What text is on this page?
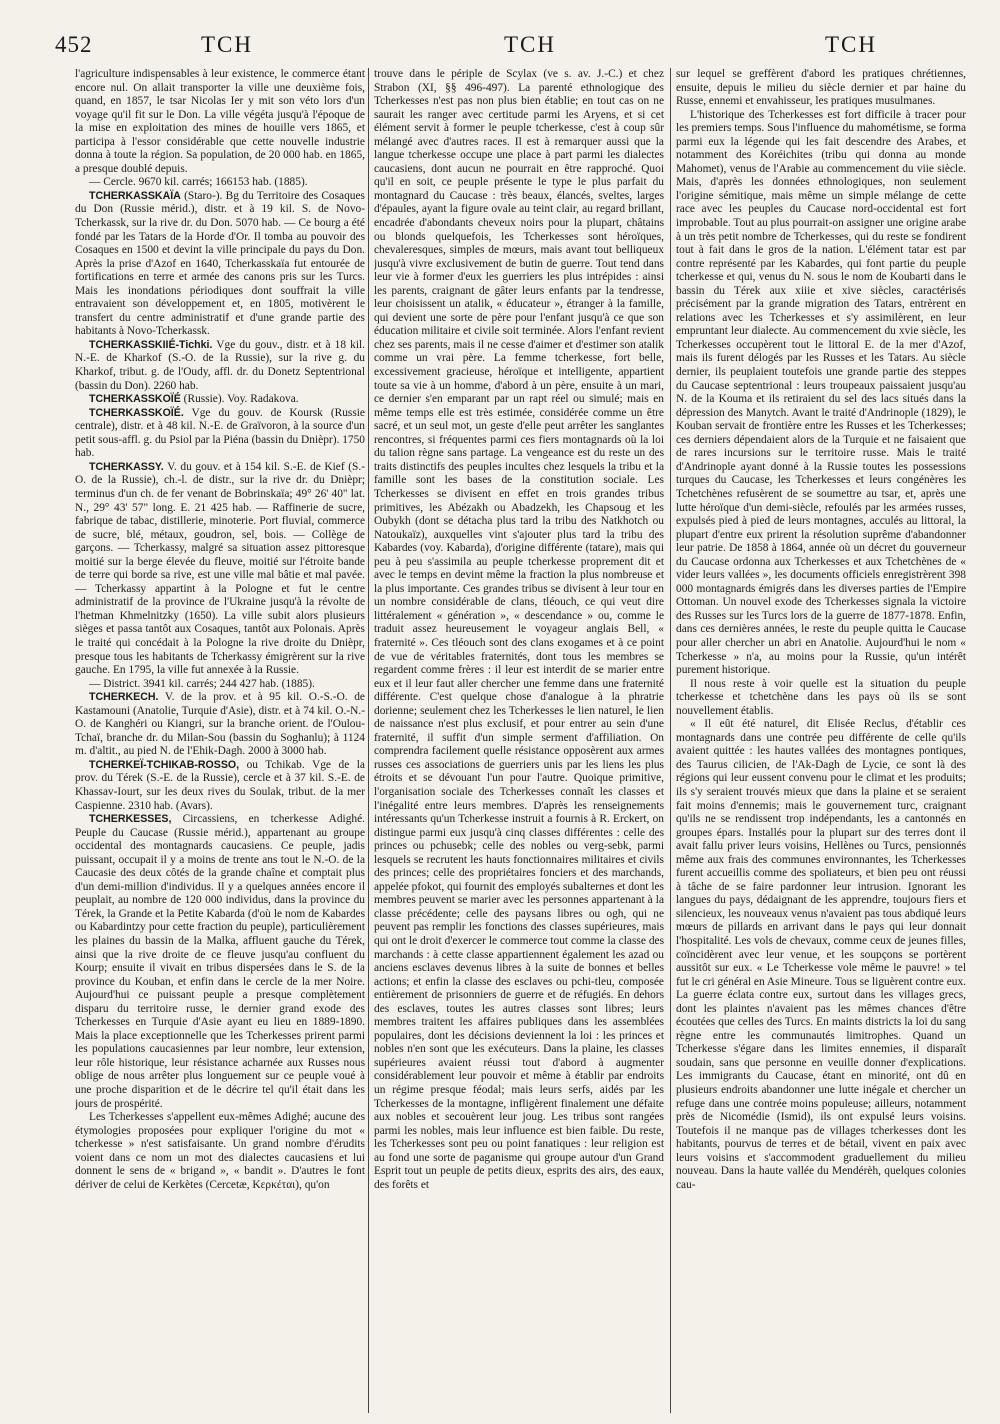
452	TCH	TCH	TCH

l'agriculture indispensables à leur existence, le commerce étant encore nul. On allait transporter la ville une deuxième fois, quand, en 1857, le tsar Nicolas Ier y mit son véto lors d'un voyage qu'il fit sur le Don. La ville végéta jusqu'à l'époque de la mise en exploitation des mines de houille vers 1865, et participa à l'essor considérable que cette nouvelle industrie donna à toute la région. Sa population, de 20 000 hab. en 1865, a presque doublé depuis.

— Cercle. 9670 kil. carrés; 166153 hab. (1885).

TCHERKASSKAÏA (Staro-). Bg du Territoire des Cosaques du Don (Russie mérid.), distr. et à 19 kil. S. de Novo-Tcherkassk, sur la rive dr. du Don. 5070 hab. — Ce bourg a été fondé par les Tatars de la Horde d'Or. Il tomba au pouvoir des Cosaques en 1500 et devint la ville principale du pays du Don. Après la prise d'Azof en 1640, Tcherkasskaïa fut entourée de fortifications en terre et armée des canons pris sur les Turcs. Mais les inondations périodiques dont souffrait la ville entravaient son développement et, en 1805, motivèrent le transfert du centre administratif et d'une grande partie des habitants à Novo-Tcherkassk.

TCHERKASSKIIÉ-Tichki. Vge du gouv., distr. et à 18 kil. N.-E. de Kharkof (S.-O. de la Russie), sur la rive g. du Kharkof, tribut. g. de l'Oudy, affl. dr. du Donetz Septentrional (bassin du Don). 2260 hab.

TCHERKASSKOÏÉ (Russie). Voy. Radakova.

TCHERKASSKOÏÉ. Vge du gouv. de Koursk (Russie centrale), distr. et à 48 kil. N.-E. de Graïvoron, à la source d'un petit sous-affl. g. du Psiol par la Piéna (bassin du Dnièpr). 1750 hab.

TCHERKASSY. V. du gouv. et à 154 kil. S.-E. de Kief (S.-O. de la Russie), ch.-l. de distr., sur la rive dr. du Dnièpr; terminus d'un ch. de fer venant de Bobrinskaïa; 49° 26' 40" lat. N., 29° 43' 57" long. E. 21 425 hab. — Raffinerie de sucre, fabrique de tabac, distillerie, minoterie. Port fluvial, commerce de sucre, blé, métaux, goudron, sel, bois. — Collège de garçons. — Tcherkassy, malgré sa situation assez pittoresque moitié sur la berge élevée du fleuve, moitié sur l'étroite bande de terre qui borde sa rive, est une ville mal bâtie et mal pavée. — Tcherkassy appartint à la Pologne et fut le centre administratif de la province de l'Ukraine jusqu'à la révolte de l'hetman Khmelnitzky (1650). La ville subit alors plusieurs sièges et passa tantôt aux Cosaques, tantôt aux Polonais. Après le traité qui concédait à la Pologne la rive droite du Dnièpr, presque tous les habitants de Tcherkassy émigrèrent sur la rive gauche. En 1795, la ville fut annexée à la Russie.

— District. 3941 kil. carrés; 244 427 hab. (1885).

TCHERKECH. V. de la prov. et à 95 kil. O.-S.-O. de Kastamouni (Anatolie, Turquie d'Asie), distr. et à 74 kil. O.-N.-O. de Kanghéri ou Kiangri, sur la branche orient. de l'Oulou-Tchaï, branche dr. du Milan-Sou (bassin du Soghanlu); à 1124 m. d'altit., au pied N. de l'Ehik-Dagh. 2000 à 3000 hab.

TCHERKEÏ-TCHIKAB-ROSSO, ou Tchikab. Vge de la prov. du Térek (S.-E. de la Russie), cercle et à 37 kil. S.-E. de Khassav-Iourt, sur les deux rives du Soulak, tribut. de la mer Caspienne. 2310 hab. (Avars).

TCHERKESSES, Circassiens, en tcherkesse Adighé. Peuple du Caucase (Russie mérid.), appartenant au groupe occidental des montagnards caucasiens. Ce peuple, jadis puissant, occupait il y a moins de trente ans tout le N.-O. de la Caucasie des deux côtés de la grande chaîne et comptait plus d'un demi-million d'individus. Il y a quelques années encore il peuplait, au nombre de 120 000 individus, dans la province du Térek, la Grande et la Petite Kabarda (d'où le nom de Kabardes ou Kabardintzy pour cette fraction du peuple), particulièrement les plaines du bassin de la Malka, affluent gauche du Térek, ainsi que la rive droite de ce fleuve jusqu'au confluent du Kourp; ensuite il vivait en tribus dispersées dans le S. de la province du Kouban, et enfin dans le cercle de la mer Noire. Aujourd'hui ce puissant peuple a presque complètement disparu du territoire russe, le dernier grand exode des Tcherkesses en Turquie d'Asie ayant eu lieu en 1889-1890. Mais la place exceptionnelle que les Tcherkesses prirent parmi les populations caucasiennes par leur nombre, leur extension, leur rôle historique, leur résistance acharnée aux Russes nous oblige de nous arrêter plus longuement sur ce peuple voué à une proche disparition et de le décrire tel qu'il était dans les jours de prospérité.

Les Tcherkesses s'appellent eux-mêmes Adighé; aucune des étymologies proposées pour expliquer l'origine du mot « tcherkesse » n'est satisfaisante. Un grand nombre d'érudits voient dans ce nom un mot des dialectes caucasiens et lui donnent le sens de « brigand », « bandit ». D'autres le font dériver de celui de Kerkètes (Cercetæ, Κερκέται), qu'on

trouve dans le périple de Scylax (ve s. av. J.-C.) et chez Strabon (XI, §§ 496-497). La parenté ethnologique des Tcherkesses n'est pas non plus bien établie; en tout cas on ne saurait les ranger avec certitude parmi les Aryens, et si cet élément servit à former le peuple tcherkesse, c'est à coup sûr mélangé avec d'autres races. Il est à remarquer aussi que la langue tcherkesse occupe une place à part parmi les dialectes caucasiens, dont aucun ne pourrait en être rapproché. Quoi qu'il en soit, ce peuple présente le type le plus parfait du montagnard du Caucase : très beaux, élancés, sveltes, larges d'épaules, ayant la figure ovale au teint clair, au regard brillant, encadrée d'abondants cheveux noirs pour la plupart, châtains ou blonds quelquefois, les Tcherkesses sont héroïques, chevaleresques, simples de mœurs, mais avant tout belliqueux jusqu'à vivre exclusivement de butin de guerre. Tout tend dans leur vie à former d'eux les guerriers les plus intrépides : ainsi les parents, craignant de gâter leurs enfants par la tendresse, leur choisissent un atalik, « éducateur », étranger à la famille, qui devient une sorte de père pour l'enfant jusqu'à ce que son éducation militaire et civile soit terminée. Alors l'enfant revient chez ses parents, mais il ne cesse d'aimer et d'estimer son atalik comme un vrai père. La femme tcherkesse, fort belle, excessivement gracieuse, héroïque et intelligente, appartient toute sa vie à un homme, d'abord à un père, ensuite à un mari, ce dernier s'en emparant par un rapt réel ou simulé; mais en même temps elle est très estimée, considérée comme un être sacré, et un seul mot, un geste d'elle peut arrêter les sanglantes rencontres, si fréquentes parmi ces fiers montagnards où la loi du talion règne sans partage. La vengeance est du reste un des traits distinctifs des peuples incultes chez lesquels la tribu et la famille sont les bases de la constitution sociale. Les Tcherkesses se divisent en effet en trois grandes tribus primitives, les Abézakh ou Abadzekh, les Chapsoug et les Oubykh (dont se détacha plus tard la tribu des Natkhotch ou Natoukaïz), auxquelles vint s'ajouter plus tard la tribu des Kabardes (voy. Kabarda), d'origine différente (tatare), mais qui peu à peu s'assimila au peuple tcherkesse proprement dit et avec le temps en devint même la fraction la plus nombreuse et la plus importante. Ces grandes tribus se divisent à leur tour en un nombre considérable de clans, tléouch, ce qui veut dire littéralement « génération », « descendance » ou, comme le traduit assez heureusement le voyageur anglais Bell, « fraternité ». Ces tléouch sont des clans exogames et à ce point de vue de véritables fraternités, dont tous les membres se regardent comme frères : il leur est interdit de se marier entre eux et il leur faut aller chercher une femme dans une fraternité différente. C'est quelque chose d'analogue à la phratrie dorienne; seulement chez les Tcherkesses le lien naturel, le lien de naissance n'est plus exclusif, et pour entrer au sein d'une fraternité, il suffit d'un simple serment d'affiliation. On comprendra facilement quelle résistance opposèrent aux armes russes ces associations de guerriers unis par les liens les plus étroits et se dévouant l'un pour l'autre. Quoique primitive, l'organisation sociale des Tcherkesses connaît les classes et l'inégalité entre leurs membres. D'après les renseignements intéressants qu'un Tcherkesse instruit a fournis à R. Erckert, on distingue parmi eux jusqu'à cinq classes différentes : celle des princes ou pchusebk; celle des nobles ou verg-sebk, parmi lesquels se recrutent les hauts fonctionnaires militaires et civils des princes; celle des propriétaires fonciers et des marchands, appelée pfokot, qui fournit des employés subalternes et dont les membres peuvent se marier avec les personnes appartenant à la classe précédente; celle des paysans libres ou ogh, qui ne peuvent pas remplir les fonctions des classes supérieures, mais qui ont le droit d'exercer le commerce tout comme la classe des marchands : à cette classe appartiennent également les azad ou anciens esclaves devenus libres à la suite de bonnes et belles actions; et enfin la classe des esclaves ou pchi-tleu, composée entièrement de prisonniers de guerre et de réfugiés. En dehors des esclaves, toutes les autres classes sont libres; leurs membres traitent les affaires publiques dans les assemblées populaires, dont les décisions deviennent la loi : les princes et nobles n'en sont que les exécuteurs. Dans la plaine, les classes supérieures avaient réussi tout d'abord à augmenter considérablement leur pouvoir et même à établir par endroits un régime presque féodal; mais leurs serfs, aidés par les Tcherkesses de la montagne, infligèrent finalement une défaite aux nobles et secouèrent leur joug. Les tribus sont rangées parmi les nobles, mais leur influence est bien faible. Du reste, les Tcherkesses sont peu ou point fanatiques : leur religion est au fond une sorte de paganisme qui groupe autour d'un Grand Esprit tout un peuple de petits dieux, esprits des airs, des eaux, des forêts et

sur lequel se greffèrent d'abord les pratiques chrétiennes, ensuite, depuis le milieu du siècle dernier et par haine du Russe, ennemi et envahisseur, les pratiques musulmanes.

L'historique des Tcherkesses est fort difficile à tracer pour les premiers temps. Sous l'influence du mahométisme, se forma parmi eux la légende qui les fait descendre des Arabes, et notamment des Koréichites (tribu qui donna au monde Mahomet), venus de l'Arabie au commencement du viie siècle. Mais, d'après les données ethnologiques, non seulement l'origine sémitique, mais même un simple mélange de cette race avec les peuples du Caucase nord-occidental est fort improbable. Tout au plus pourrait-on assigner une origine arabe à un très petit nombre de Tcherkesses, qui du reste se fondirent tout à fait dans le gros de la nation. L'élément tatar est par contre représenté par les Kabardes, qui font partie du peuple tcherkesse et qui, venus du N. sous le nom de Koubarti dans le bassin du Térek aux xiiie et xive siècles, caractérisés précisément par la grande migration des Tatars, entrèrent en relations avec les Tcherkesses et s'y assimilèrent, en leur empruntant leur dialecte. Au commencement du xvie siècle, les Tcherkesses occupèrent tout le littoral E. de la mer d'Azof, mais ils furent délogés par les Russes et les Tatars. Au siècle dernier, ils peuplaient toutefois une grande partie des steppes du Caucase septentrional : leurs troupeaux paissaient jusqu'au N. de la Kouma et ils retiraient du sel des lacs situés dans la dépression des Manytch. Avant le traité d'Andrinople (1829), le Kouban servait de frontière entre les Russes et les Tcherkesses; ces derniers dépendaient alors de la Turquie et ne faisaient que de rares incursions sur le territoire russe. Mais le traité d'Andrinople ayant donné à la Russie toutes les possessions turques du Caucase, les Tcherkesses et leurs congénères les Tchetchènes refusèrent de se soumettre au tsar, et, après une lutte héroïque d'un demi-siècle, refoulés par les armées russes, expulsés pied à pied de leurs montagnes, acculés au littoral, la plupart d'entre eux prirent la résolution suprême d'abandonner leur patrie. De 1858 à 1864, année où un décret du gouverneur du Caucase ordonna aux Tcherkesses et aux Tchetchènes de « vider leurs vallées », les documents officiels enregistrèrent 398 000 montagnards émigrés dans les diverses parties de l'Empire Ottoman. Un nouvel exode des Tcherkesses signala la victoire des Russes sur les Turcs lors de la guerre de 1877-1878. Enfin, dans ces dernières années, le reste du peuple quitta le Caucase pour aller chercher un abri en Anatolie. Aujourd'hui le nom « Tcherkesse » n'a, au moins pour la Russie, qu'un intérêt purement historique.

Il nous reste à voir quelle est la situation du peuple tcherkesse et tchetchène dans les pays où ils se sont nouvellement établis.

« Il eût été naturel, dit Elisée Reclus, d'établir ces montagnards dans une contrée peu différente de celle qu'ils avaient quittée : les hautes vallées des montagnes pontiques, des Taurus cilicien, de l'Ak-Dagh de Lycie, ce sont là des régions qui leur eussent convenu pour le climat et les produits; ils s'y seraient trouvés mieux que dans la plaine et se seraient fait moins d'ennemis; mais le gouvernement turc, craignant qu'ils ne se rendissent trop indépendants, les a cantonnés en groupes épars. Installés pour la plupart sur des terres dont il avait fallu priver leurs voisins, Hellènes ou Turcs, pensionnés même aux frais des communes environnantes, les Tcherkesses furent accueillis comme des spoliateurs, et bien peu ont réussi à tâche de se faire pardonner leur intrusion. Ignorant les langues du pays, dédaignant de les apprendre, toujours fiers et silencieux, les nouveaux venus n'avaient pas tous abdiqué leurs mœurs de pillards en arrivant dans le pays qui leur donnait l'hospitalité. Les vols de chevaux, comme ceux de jeunes filles, coïncidèrent avec leur venue, et les soupçons se portèrent aussitôt sur eux. « Le Tcherkesse vole même le pauvre! » tel fut le cri général en Asie Mineure. Tous se liguèrent contre eux. La guerre éclata contre eux, surtout dans les villages grecs, dont les plaintes n'avaient pas les mêmes chances d'être écoutées que celles des Turcs. En maints districts la loi du sang règne entre les communautés limitrophes. Quand un Tcherkesse s'égare dans les limites ennemies, il disparaît soudain, sans que personne en veuille donner d'explications. Les immigrants du Caucase, étant en minorité, ont dû en plusieurs endroits abandonner une lutte inégale et chercher un refuge dans une contrée moins populeuse; ailleurs, notamment près de Nicomédie (Ismid), ils ont expulsé leurs voisins. Toutefois il ne manque pas de villages tcherkesses dont les habitants, pourvus de terres et de bétail, vivent en paix avec leurs voisins et s'accommodent graduellement du milieu nouveau. Dans la haute vallée du Mendérèh, quelques colonies cau-
